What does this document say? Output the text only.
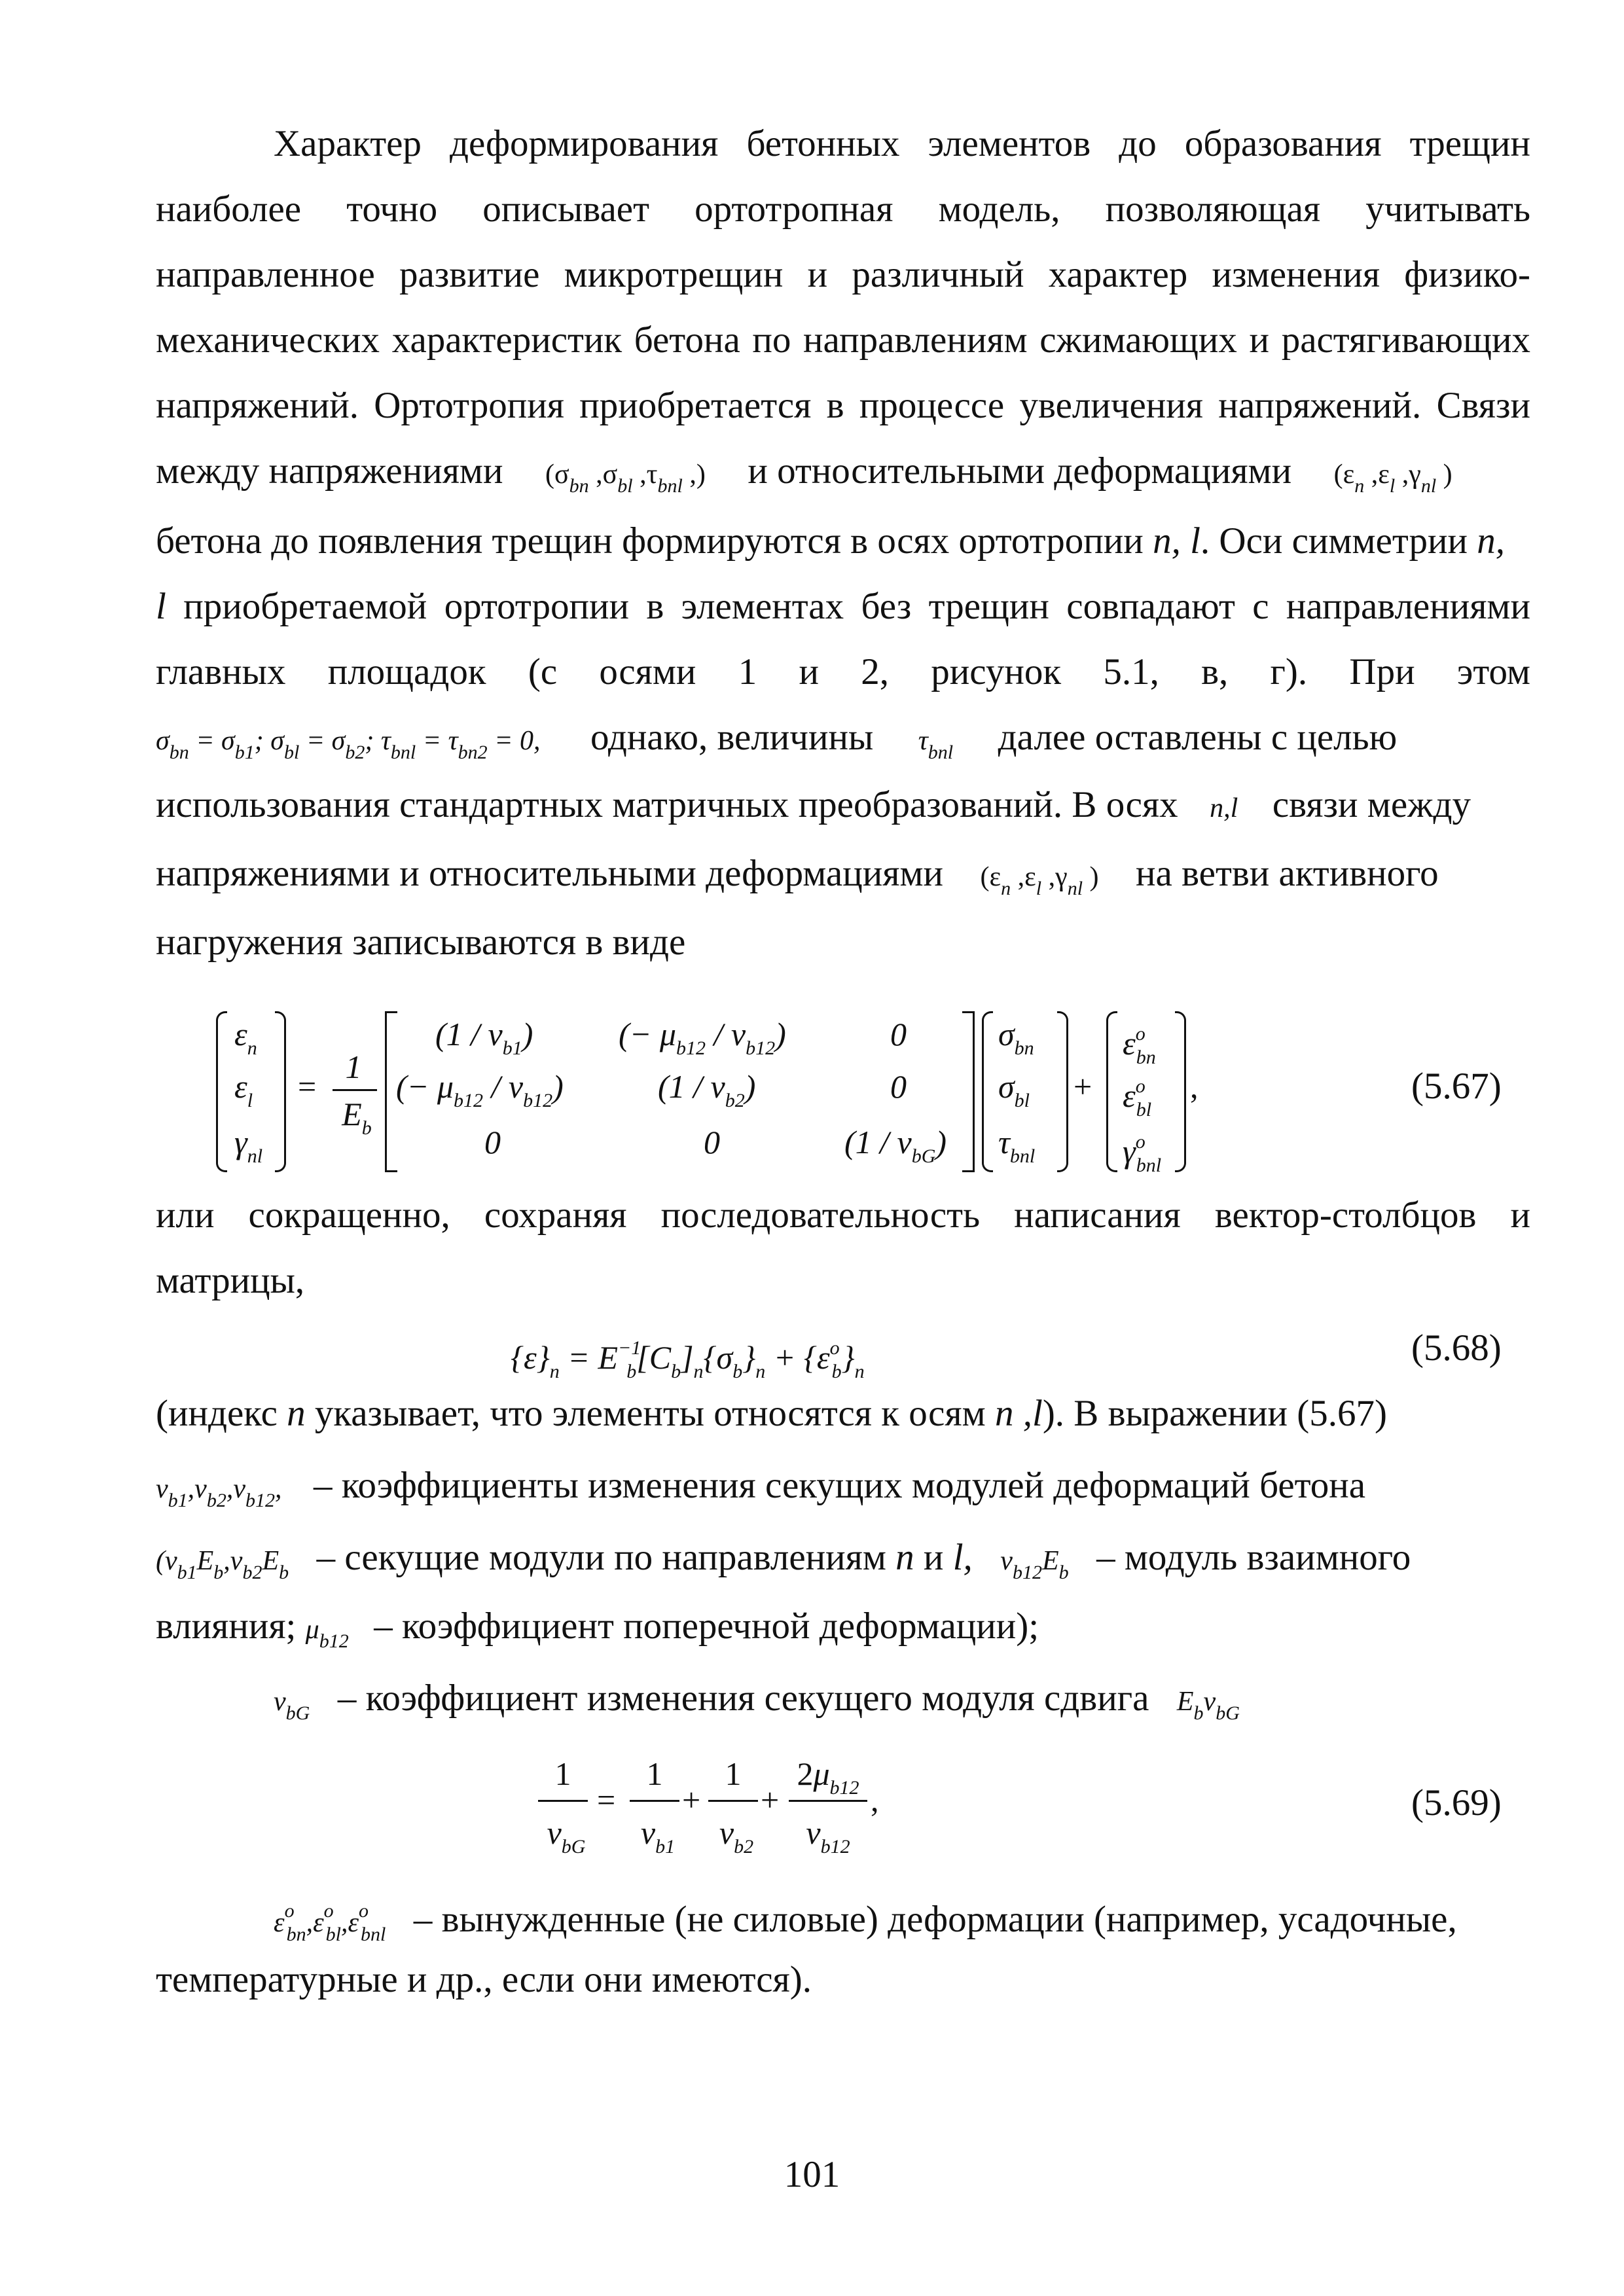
Характер деформирования бетонных элементов до образования трещин
наиболее точно описывает ортотропная модель, позволяющая учитывать
направленное развитие микротрещин и различный характер изменения физико-
механических характеристик бетона по направлениям сжимающих и растягивающих
напряжений. Ортотропия приобретается в процессе увеличения напряжений. Связи
между напряжениями ($\sigma_{bn}$ $,\sigma_{bl}$ $,\tau_{bnl}$ ,) и относительными деформациями ($\varepsilon_n$ $,\varepsilon_l$ $,\gamma_{nl}$ )
бетона до появления трещин формируются в осях ортотропии n, l. Оси симметрии n,
l приобретаемой ортотропии в элементах без трещин совпадают с направлениями
главных площадок (с осями 1 и 2, рисунок 5.1, в, г). При этом
$\sigma_{bn} = \sigma_{b1}$; $\sigma_{bl} = \sigma_{b2}$; $\tau_{bnl} = \tau_{bn2} = 0$, однако, величины $\tau_{bnl}$ далее оставлены с целью
использования стандартных матричных преобразований. В осях n,l связи между
напряжениями и относительными деформациями ($\varepsilon_n$ $,\varepsilon_l$ $,\gamma_{nl}$ ) на ветви активного
нагружения записываются в виде
$\varepsilon_n$
$\varepsilon_l$
$\gamma_{nl}$
=
1
$E_b$
$(1 / \nu_{b1})$	(− $\mu_{b12} / \nu_{b12}$)	0
(− $\mu_{b12} / \nu_{b12}$)	$(1 / \nu_{b2})$	0
0	0	$(1 / \nu_{bG})$
$\sigma_{bn}$
$\sigma_{bl}$
$\tau_{bnl}$
+
$\varepsilon^o_{bn}$
$\varepsilon^o_{bl}$
$\gamma^o_{bnl}$
,	(5.67)
или сокращенно, сохраняя последовательность написания вектор-столбцов и
матрицы,
$\{\varepsilon\}_n = E^{-1}_b[C_b]_n\{\sigma_b\}_n + \{\varepsilon^o_b\}_n$
(5.68)
(индекс n указывает, что элементы относятся к осям n ,l). В выражении (5.67)
$\nu_{b1},\nu_{b2},\nu_{b12}$, – коэффициенты изменения секущих модулей деформаций бетона
($\nu_{b1}E_b,\nu_{b2}E_b$ – секущие модули по направлениям n и l, $\nu_{b12}E_b$ – модуль взаимного
влияния; $\mu_{b12}$ – коэффициент поперечной деформации);
$\nu_{bG}$ – коэффициент изменения секущего модуля сдвига $E_b\nu_{bG}$
1
$\nu_{bG}$
=
1
$\nu_{b1}$
+
1
$\nu_{b2}$
+
$2\mu_{b12}$
$\nu_{b12}$
,	(5.69)
$\varepsilon^o_{bn},\varepsilon^o_{bl},\varepsilon^o_{bnl}$ – вынужденные (не силовые) деформации (например, усадочные,
температурные и др., если они имеются).
101
